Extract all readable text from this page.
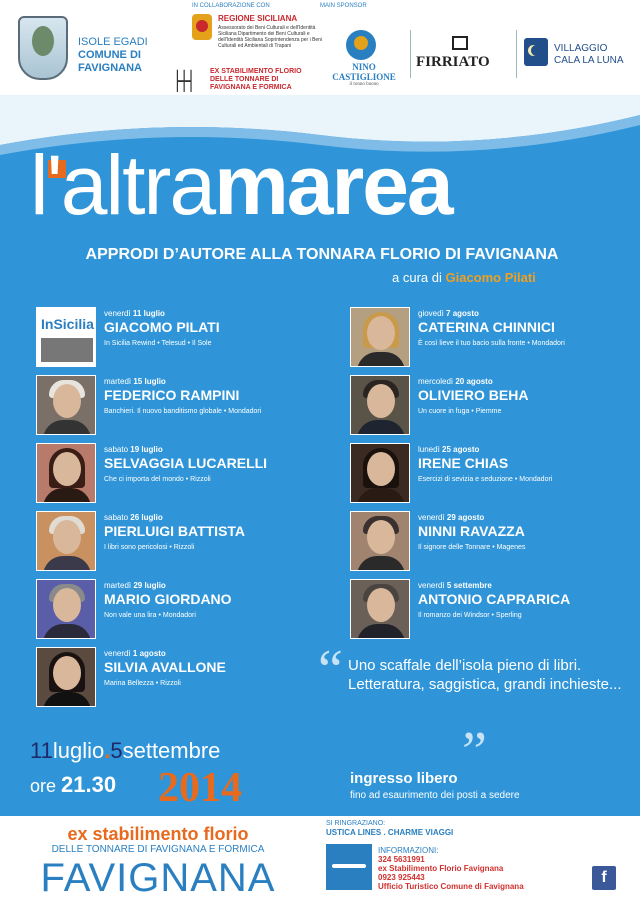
ISOLE EGADI
COMUNE DI
FAVIGNANA
IN COLLABORAZIONE CON
REGIONE SICILIANA
Assessorato dei Beni Culturali e dell'Identità Siciliana Dipartimento dei Beni Culturali e dell'Identità Siciliana Soprintendenza per i Beni Culturali ed Ambientali di Trapani
|-|-|	EX STABILIMENTO FLORIO DELLE TONNARE DI FAVIGNANA E FORMICA
MAIN SPONSOR
NINO CASTIGLIONE
il tonno buono
FIRRIATO
VILLAGGIO
CALA LA LUNA
l'altramarea
APPRODI D’AUTORE ALLA TONNARA FLORIO DI FAVIGNANA
a cura di Giacomo Pilati
InSicilia
venerdì 11 luglio
GIACOMO PILATI
In Sicilia Rewind • Telesud • Il Sole
martedì 15 luglio
FEDERICO RAMPINI
Banchieri. Il nuovo banditismo globale • Mondadori
sabato 19 luglio
SELVAGGIA LUCARELLI
Che ci importa del mondo • Rizzoli
sabato 26 luglio
PIERLUIGI BATTISTA
I libri sono pericolosi • Rizzoli
martedì 29 luglio
MARIO GIORDANO
Non vale una lira • Mondadori
venerdì 1 agosto
SILVIA AVALLONE
Marina Bellezza • Rizzoli
giovedì 7 agosto
CATERINA CHINNICI
È così lieve il tuo bacio sulla fronte • Mondadori
mercoledì 20 agosto
OLIVIERO BEHA
Un cuore in fuga • Piemme
lunedì 25 agosto
IRENE CHIAS
Esercizi di sevizia e seduzione • Mondadori
venerdì 29 agosto
NINNI RAVAZZA
Il signore delle Tonnare • Magenes
venerdì 5 settembre
ANTONIO CAPRARICA
Il romanzo dei Windsor • Sperling
“ Uno scaffale dell’isola pieno di libri. Letteratura, saggistica, grandi inchieste...
”
ingresso libero
fino ad esaurimento dei posti a sedere
11luglio.5settembre
ore 21.30 2014
ex stabilimento florio
DELLE TONNARE DI FAVIGNANA E FORMICA
FAVIGNANA
SI RINGRAZIANO:
USTICA LINES . CHARME VIAGGI
INFORMAZIONI:
324 5631991
ex Stabilimento Florio Favignana
0923 925443
Ufficio Turistico Comune di Favignana
f
